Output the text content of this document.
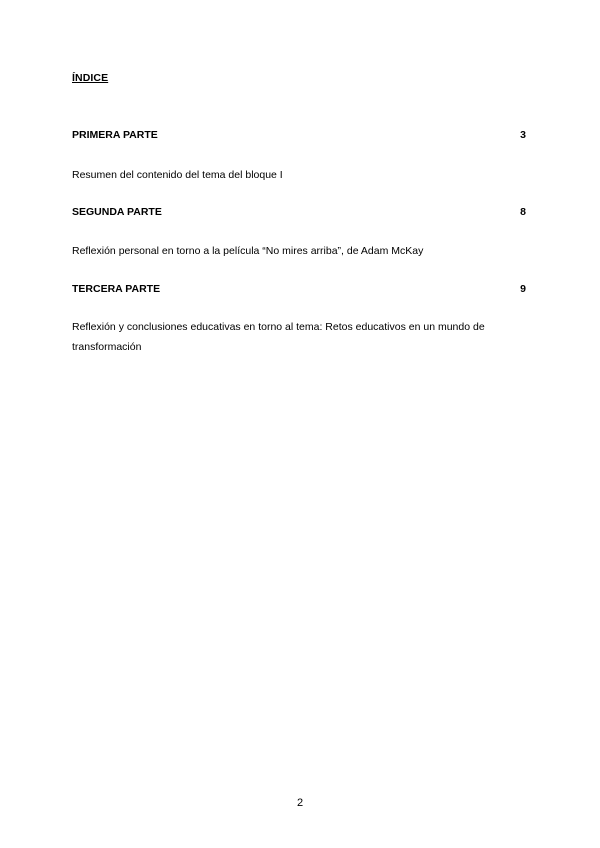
ÍNDICE
PRIMERA PARTE	3
Resumen del contenido del tema del bloque I
SEGUNDA PARTE	8
Reflexión personal en torno a la película “No mires arriba”, de Adam McKay
TERCERA PARTE	9
Reflexión y conclusiones educativas en torno al tema: Retos educativos en un mundo de transformación
2
